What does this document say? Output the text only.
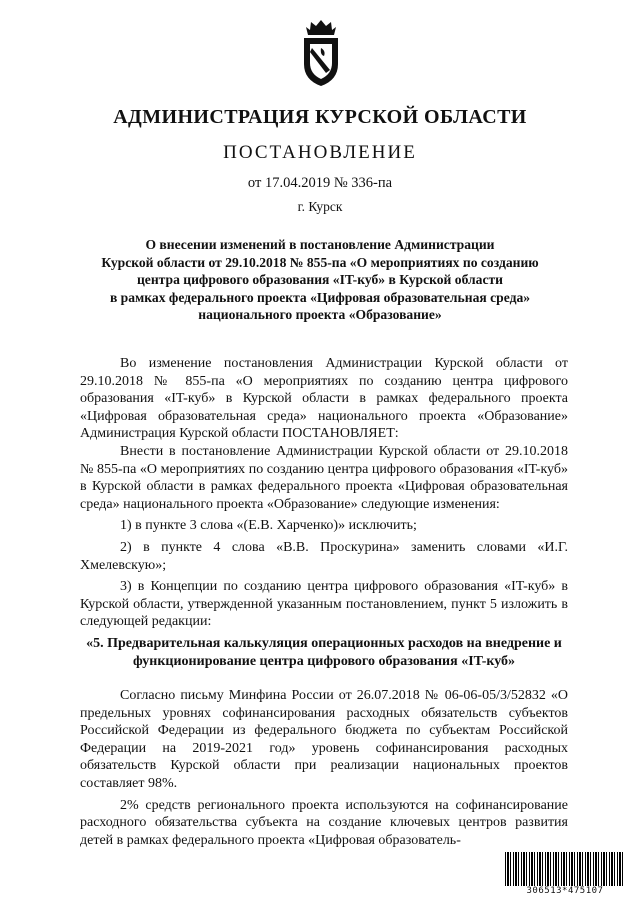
АДМИНИСТРАЦИЯ КУРСКОЙ ОБЛАСТИ
ПОСТАНОВЛЕНИЕ
от 17.04.2019 № 336-па
г. Курск
О внесении изменений в постановление Администрации
Курской области от 29.10.2018 № 855-па «О мероприятиях по созданию
центра цифрового образования «IT-куб» в Курской области
в рамках федерального проекта «Цифровая образовательная среда»
национального проекта «Образование»

Во изменение постановления Администрации Курской области от 29.10.2018 № 855-па «О мероприятиях по созданию центра цифрового образования «IT-куб» в Курской области в рамках федерального проекта «Цифровая образовательная среда» национального проекта «Образование» Администрация Курской области ПОСТАНОВЛЯЕТ:

Внести в постановление Администрации Курской области от 29.10.2018 № 855-па «О мероприятиях по созданию центра цифрового образования «IT-куб» в Курской области в рамках федерального проекта «Цифровая образовательная среда» национального проекта «Образование» следующие изменения:

1) в пункте 3 слова «(Е.В. Харченко)» исключить;

2) в пункте 4 слова «В.В. Проскурина» заменить словами «И.Г. Хмелевскую»;

3) в Концепции по созданию центра цифрового образования «IT-куб» в Курской области, утвержденной указанным постановлением, пункт 5 изложить в следующей редакции:

«5. Предварительная калькуляция операционных расходов на внедрение и функционирование центра цифрового образования «IT-куб»

Согласно письму Минфина России от 26.07.2018 № 06-06-05/3/52832 «О предельных уровнях софинансирования расходных обязательств субъектов Российской Федерации из федерального бюджета по субъектам Российской Федерации на 2019-2021 год» уровень софинансирования расходных обязательств Курской области при реализации национальных проектов составляет 98%.

2% средств регионального проекта используются на софинансирование расходного обязательства субъекта на создание ключевых центров развития детей в рамках федерального проекта «Цифровая образователь-

306513*475107
